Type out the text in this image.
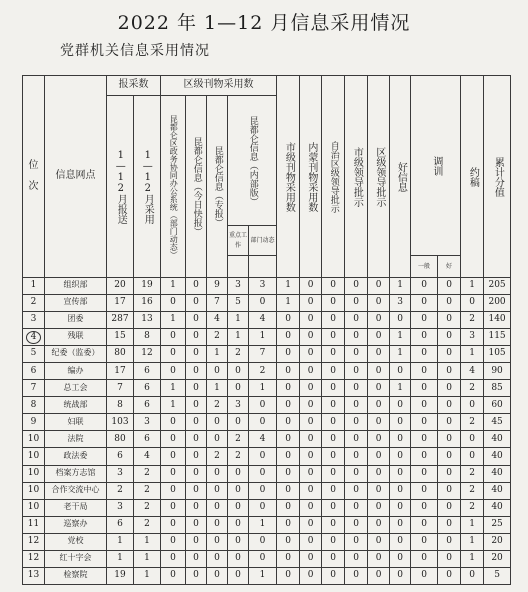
2022 年 1—12 月信息采用情况
党群机关信息采用情况
位

次	信息网点	报采数		区级刊物采用数					市级刊物采用数	内蒙刊物采用数	自治区级领导批示	市级领导批示	区级领导批示	好信息	调训		约稿	累计分值

		1—12月报送	1—12月采用	昆都仑区政务协同办公系统（部门动态）	昆都仑信息（今日快报）	昆都仑信息（专报）	昆都仑信息（内部版）											

							重点工作	部门动态										
															一般	好		
1	组织部	20	19	1	0	9	3	3	1	0	0	0	0	1	0	0	1	205
2	宣传部	17	16	0	0	7	5	0	1	0	0	0	0	3	0	0	0	200
3	团委	287	13	1	0	4	1	4	0	0	0	0	0	0	0	0	2	140
4	残联	15	8	0	0	2	1	1	0	0	0	0	0	1	0	0	3	115
5	纪委（监委）	80	12	0	0	1	2	7	0	0	0	0	0	1	0	0	1	105
6	编办	17	6	0	0	0	0	2	0	0	0	0	0	0	0	0	4	90
7	总工会	7	6	1	0	1	0	1	0	0	0	0	0	1	0	0	2	85
8	统战部	8	6	1	0	2	3	0	0	0	0	0	0	0	0	0	0	60
9	妇联	103	3	0	0	0	0	0	0	0	0	0	0	0	0	0	2	45
10	法院	80	6	0	0	0	2	4	0	0	0	0	0	0	0	0	0	40
10	政法委	6	4	0	0	2	2	0	0	0	0	0	0	0	0	0	0	40
10	档案方志馆	3	2	0	0	0	0	0	0	0	0	0	0	0	0	0	2	40
10	合作交流中心	2	2	0	0	0	0	0	0	0	0	0	0	0	0	0	2	40
10	老干局	3	2	0	0	0	0	0	0	0	0	0	0	0	0	0	2	40
11	巡察办	6	2	0	0	0	0	1	0	0	0	0	0	0	0	0	1	25
12	党校	1	1	0	0	0	0	0	0	0	0	0	0	0	0	0	1	20
12	红十字会	1	1	0	0	0	0	0	0	0	0	0	0	0	0	0	1	20
13	检察院	19	1	0	0	0	0	1	0	0	0	0	0	0	0	0	0	5
